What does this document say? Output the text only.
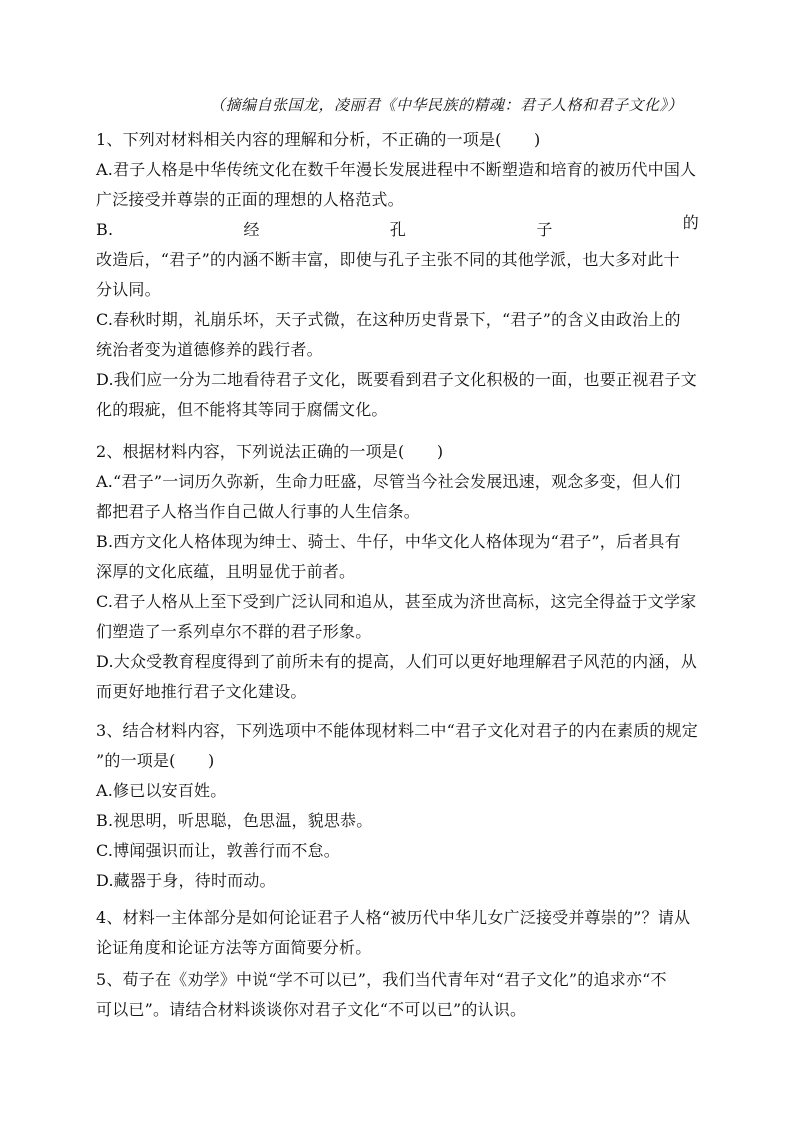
（摘编自张国龙，凌丽君《中华民族的精魂：君子人格和君子文化》）
1、下列对材料相关内容的理解和分析，不正确的一项是(　　)
A.君子人格是中华传统文化在数千年漫长发展进程中不断塑造和培育的被历代中国人
广泛接受并尊崇的正面的理想的人格范式。
B.	经	孔	子	的
改造后，“君子”的内涵不断丰富，即使与孔子主张不同的其他学派，也大多对此十
分认同。
C.春秋时期，礼崩乐坏，天子式微，在这种历史背景下，“君子”的含义由政治上的
统治者变为道德修养的践行者。
D.我们应一分为二地看待君子文化，既要看到君子文化积极的一面，也要正视君子文
化的瑕疵，但不能将其等同于腐儒文化。
2、根据材料内容，下列说法正确的一项是(　　)
A.“君子”一词历久弥新，生命力旺盛，尽管当今社会发展迅速，观念多变，但人们
都把君子人格当作自己做人行事的人生信条。
B.西方文化人格体现为绅士、骑士、牛仔，中华文化人格体现为“君子”，后者具有
深厚的文化底蕴，且明显优于前者。
C.君子人格从上至下受到广泛认同和追从，甚至成为济世高标，这完全得益于文学家
们塑造了一系列卓尔不群的君子形象。
D.大众受教育程度得到了前所未有的提高，人们可以更好地理解君子风范的内涵，从
而更好地推行君子文化建设。
3、结合材料内容，下列选项中不能体现材料二中“君子文化对君子的内在素质的规定
”的一项是(　　)
A.修已以安百姓。
B.视思明，听思聪，色思温，貌思恭。
C.博闻强识而让，敦善行而不怠。
D.藏器于身，待时而动。
4、材料一主体部分是如何论证君子人格“被历代中华儿女广泛接受并尊崇的”？请从
论证角度和论证方法等方面简要分析。
5、荀子在《劝学》中说“学不可以已”，我们当代青年对“君子文化”的追求亦“不
可以已”。请结合材料谈谈你对君子文化“不可以已”的认识。
